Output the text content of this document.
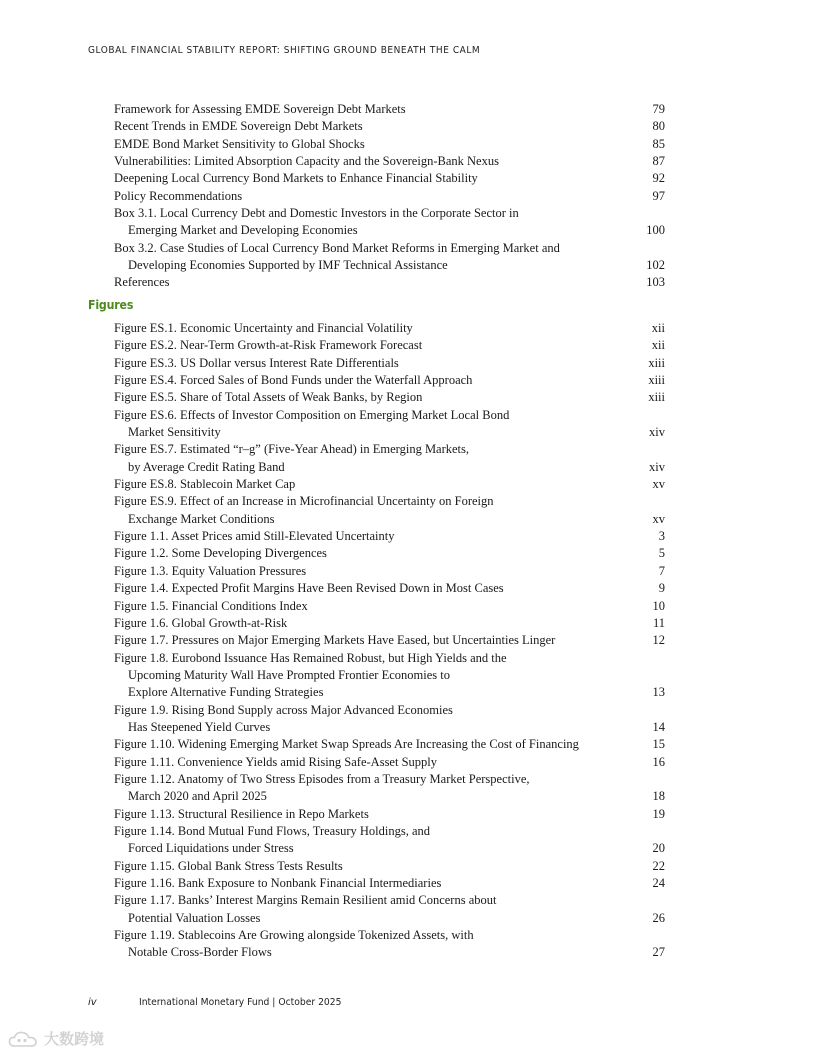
GLOBAL FINANCIAL STABILITY REPORT: SHIFTING GROUND BENEATH THE CALM
Framework for Assessing EMDE Sovereign Debt Markets	79
Recent Trends in EMDE Sovereign Debt Markets	80
EMDE Bond Market Sensitivity to Global Shocks	85
Vulnerabilities: Limited Absorption Capacity and the Sovereign-Bank Nexus	87
Deepening Local Currency Bond Markets to Enhance Financial Stability	92
Policy Recommendations	97
Box 3.1. Local Currency Debt and Domestic Investors in the Corporate Sector in
Emerging Market and Developing Economies	100
Box 3.2. Case Studies of Local Currency Bond Market Reforms in Emerging Market and
Developing Economies Supported by IMF Technical Assistance	102
References	103
Figures
Figure ES.1. Economic Uncertainty and Financial Volatility	xii
Figure ES.2. Near-Term Growth-at-Risk Framework Forecast	xii
Figure ES.3. US Dollar versus Interest Rate Differentials	xiii
Figure ES.4. Forced Sales of Bond Funds under the Waterfall Approach	xiii
Figure ES.5. Share of Total Assets of Weak Banks, by Region	xiii
Figure ES.6. Effects of Investor Composition on Emerging Market Local Bond
Market Sensitivity	xiv
Figure ES.7. Estimated “r–g” (Five-Year Ahead) in Emerging Markets,
by Average Credit Rating Band	xiv
Figure ES.8. Stablecoin Market Cap	xv
Figure ES.9. Effect of an Increase in Microfinancial Uncertainty on Foreign
Exchange Market Conditions	xv
Figure 1.1. Asset Prices amid Still-Elevated Uncertainty	3
Figure 1.2. Some Developing Divergences	5
Figure 1.3. Equity Valuation Pressures	7
Figure 1.4. Expected Profit Margins Have Been Revised Down in Most Cases	9
Figure 1.5. Financial Conditions Index	10
Figure 1.6. Global Growth-at-Risk	11
Figure 1.7. Pressures on Major Emerging Markets Have Eased, but Uncertainties Linger	12
Figure 1.8. Eurobond Issuance Has Remained Robust, but High Yields and the
Upcoming Maturity Wall Have Prompted Frontier Economies to
Explore Alternative Funding Strategies	13
Figure 1.9. Rising Bond Supply across Major Advanced Economies
Has Steepened Yield Curves	14
Figure 1.10. Widening Emerging Market Swap Spreads Are Increasing the Cost of Financing	15
Figure 1.11. Convenience Yields amid Rising Safe-Asset Supply	16
Figure 1.12. Anatomy of Two Stress Episodes from a Treasury Market Perspective,
March 2020 and April 2025	18
Figure 1.13. Structural Resilience in Repo Markets	19
Figure 1.14. Bond Mutual Fund Flows, Treasury Holdings, and
Forced Liquidations under Stress	20
Figure 1.15. Global Bank Stress Tests Results	22
Figure 1.16. Bank Exposure to Nonbank Financial Intermediaries	24
Figure 1.17. Banks’ Interest Margins Remain Resilient amid Concerns about
Potential Valuation Losses	26
Figure 1.19. Stablecoins Are Growing alongside Tokenized Assets, with
Notable Cross-Border Flows	27
iv	International Monetary Fund | October 2025
大数跨境
